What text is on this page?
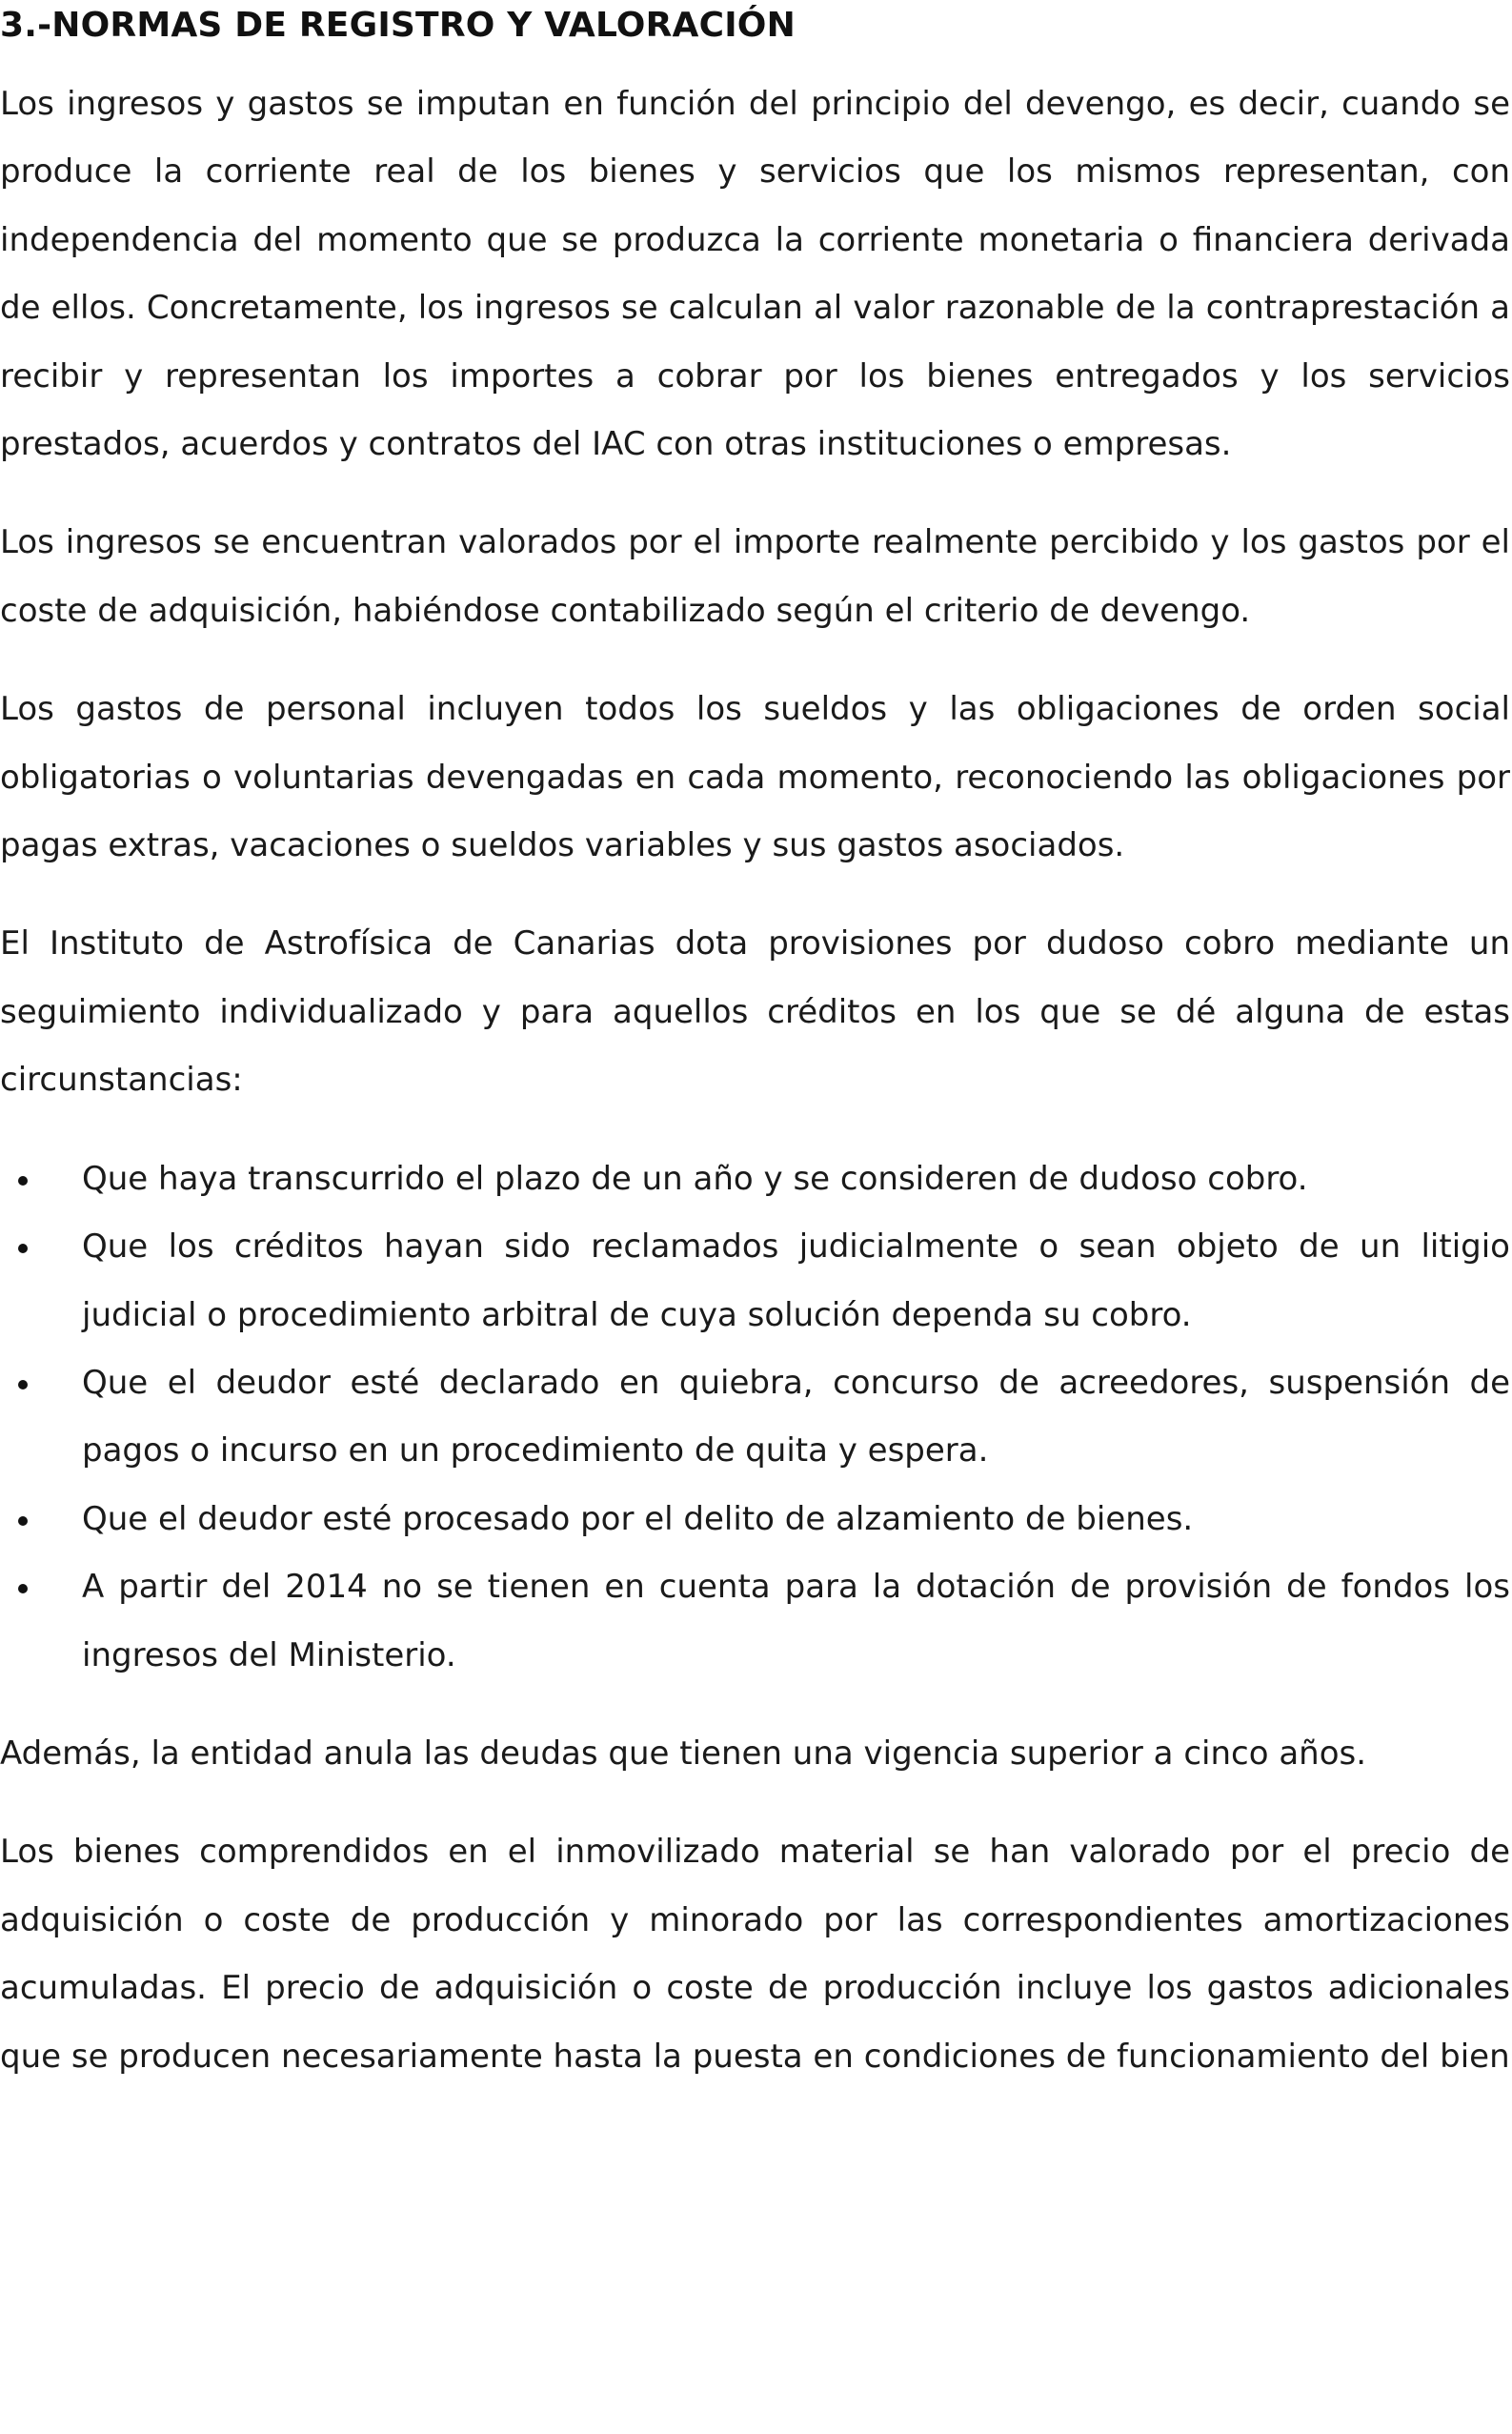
3.-NORMAS DE REGISTRO Y VALORACIÓN

Los ingresos y gastos se imputan en función del principio del devengo, es decir, cuando se produce la corriente real de los bienes y servicios que los mismos representan, con independencia del momento que se produzca la corriente monetaria o financiera derivada de ellos. Concretamente, los ingresos se calculan al valor razonable de la contraprestación a recibir y representan los importes a cobrar por los bienes entregados y los servicios prestados, acuerdos y contratos del IAC con otras instituciones o empresas.

Los ingresos se encuentran valorados por el importe realmente percibido y los gastos por el coste de adquisición, habiéndose contabilizado según el criterio de devengo.

Los gastos de personal incluyen todos los sueldos y las obligaciones de orden social obligatorias o voluntarias devengadas en cada momento, reconociendo las obligaciones por pagas extras, vacaciones o sueldos variables y sus gastos asociados.

El Instituto de Astrofísica de Canarias dota provisiones por dudoso cobro mediante un seguimiento individualizado y para aquellos créditos en los que se dé alguna de estas circunstancias:

Que haya transcurrido el plazo de un año y se consideren de dudoso cobro.
Que los créditos hayan sido reclamados judicialmente o sean objeto de un litigio judicial o procedimiento arbitral de cuya solución dependa su cobro.
Que el deudor esté declarado en quiebra, concurso de acreedores, suspensión de pagos o incurso en un procedimiento de quita y espera.
Que el deudor esté procesado por el delito de alzamiento de bienes.
A partir del 2014 no se tienen en cuenta para la dotación de provisión de fondos los ingresos del Ministerio.

Además, la entidad anula las deudas que tienen una vigencia superior a cinco años.

Los bienes comprendidos en el inmovilizado material se han valorado por el precio de adquisición o coste de producción y minorado por las correspondientes amortizaciones acumuladas. El precio de adquisición o coste de producción incluye los gastos adicionales que se producen necesariamente hasta la puesta en condiciones de funcionamiento del bien
